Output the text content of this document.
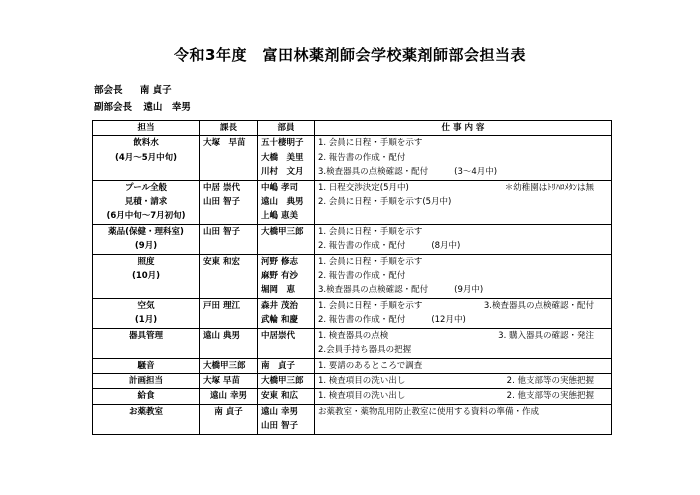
令和3年度　富田林薬剤師会学校薬剤師部会担当表
部会長 南 貞子
副部会長 遠山　幸男
担当	課長	部員	仕 事 内 容
飲料水	大塚　早苗	五十棲明子	1. 会員に日程・手順を示す

(4月～5月中旬)		大橋　美里	2. 報告書の作成・配付

		川村　文月	3.検査器具の点検確認・配付 (3～4月中)

プール全般	中居 崇代	中嶋 孝司	1. 日程交渉決定(5月中) ＊幼稚園はﾄﾘﾊﾛﾒﾀﾝは無

見積・請求	山田 智子	遠山　典男	2. 会員に日程・手順を示す(5月中)

(6月中旬～7月初旬)		上嶋 恵美	

薬品(保健・理科室)	山田 智子	大橋甲三郎	1. 会員に日程・手順を示す

(9月)			2. 報告書の作成・配付 (8月中)

照度	安東 和宏	河野 修志	1. 会員に日程・手順を示す

(10月)		麻野 有沙	2. 報告書の作成・配付

		堀岡　恵	3.検査器具の点検確認・配付 (9月中)

空気	戸田 理江	森井 茂治	1. 会員に日程・手順を示す 3.検査器具の点検確認・配付

(1月)		武輪 和慶	2. 報告書の作成・配付 (12月中)

器具管理	遠山 典男	中居崇代	1. 検査器具の点検 3. 購入器具の確認・発注

			2.会員手持ち器具の把握

騒音	大橋甲三郎	南　貞子	1. 要請のあるところで調査

計画担当	大塚 早苗	大橋甲三郎	1. 検査項目の洗い出し 2. 他支部等の実態把握

給食	遠山 幸男	安東 和広	1. 検査項目の洗い出し 2. 他支部等の実態把握

お薬教室	南 貞子	遠山 幸男	お薬教室・薬物乱用防止教室に使用する資料の準備・作成

		山田 智子	
